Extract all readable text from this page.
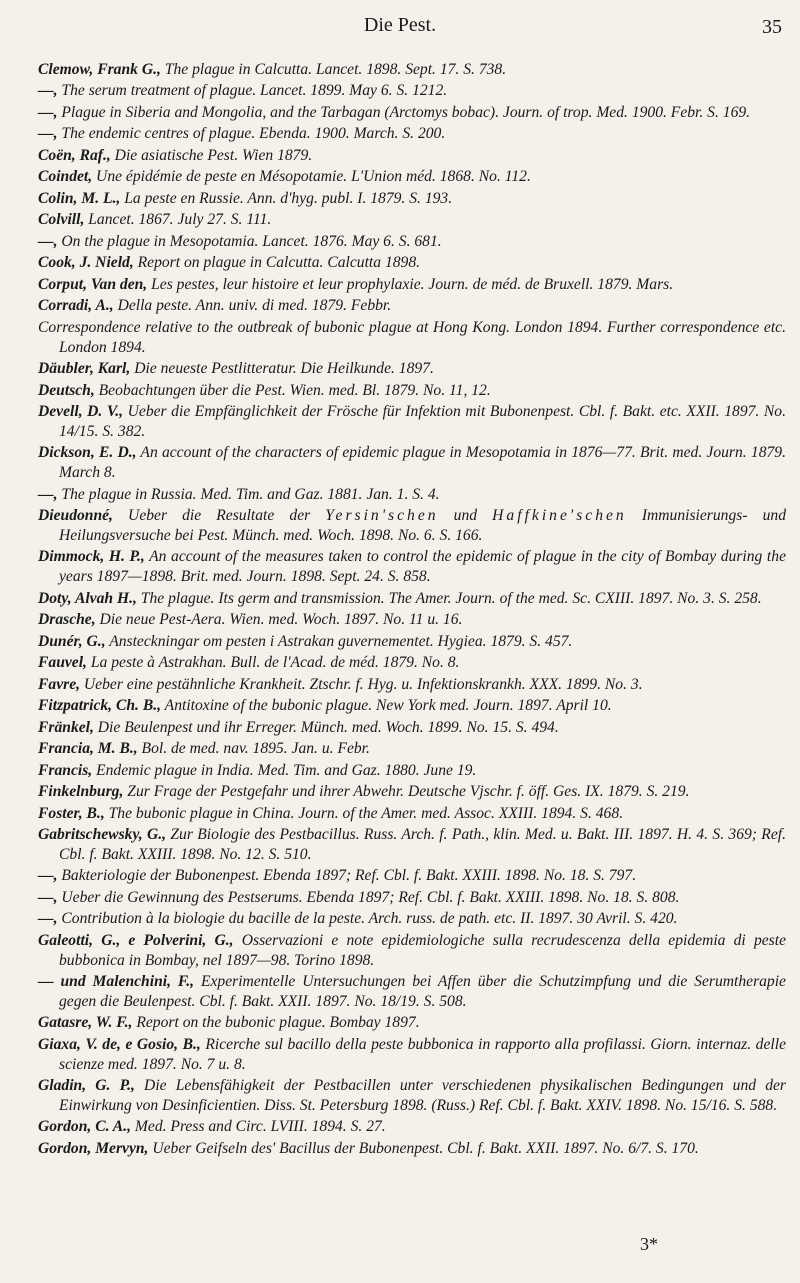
Die Pest.	35

Clemow, Frank G., The plague in Calcutta. Lancet. 1898. Sept. 17. S. 738.

—, The serum treatment of plague. Lancet. 1899. May 6. S. 1212.

—, Plague in Siberia and Mongolia, and the Tarbagan (Arctomys bobac). Journ. of trop. Med. 1900. Febr. S. 169.

—, The endemic centres of plague. Ebenda. 1900. March. S. 200.

Coën, Raf., Die asiatische Pest. Wien 1879.

Coindet, Une épidémie de peste en Mésopotamie. L'Union méd. 1868. No. 112.

Colin, M. L., La peste en Russie. Ann. d'hyg. publ. I. 1879. S. 193.

Colvill, Lancet. 1867. July 27. S. 111.

—, On the plague in Mesopotamia. Lancet. 1876. May 6. S. 681.

Cook, J. Nield, Report on plague in Calcutta. Calcutta 1898.

Corput, Van den, Les pestes, leur histoire et leur prophylaxie. Journ. de méd. de Bruxell. 1879. Mars.

Corradi, A., Della peste. Ann. univ. di med. 1879. Febbr.

Correspondence relative to the outbreak of bubonic plague at Hong Kong. London 1894. Further correspondence etc. London 1894.

Däubler, Karl, Die neueste Pestlitteratur. Die Heilkunde. 1897.

Deutsch, Beobachtungen über die Pest. Wien. med. Bl. 1879. No. 11, 12.

Devell, D. V., Ueber die Empfänglichkeit der Frösche für Infektion mit Bubonenpest. Cbl. f. Bakt. etc. XXII. 1897. No. 14/15. S. 382.

Dickson, E. D., An account of the characters of epidemic plague in Mesopotamia in 1876—77. Brit. med. Journ. 1879. March 8.

—, The plague in Russia. Med. Tim. and Gaz. 1881. Jan. 1. S. 4.

Dieudonné, Ueber die Resultate der Yersin'schen und Haffkine'schen Immunisierungs- und Heilungsversuche bei Pest. Münch. med. Woch. 1898. No. 6. S. 166.

Dimmock, H. P., An account of the measures taken to control the epidemic of plague in the city of Bombay during the years 1897—1898. Brit. med. Journ. 1898. Sept. 24. S. 858.

Doty, Alvah H., The plague. Its germ and transmission. The Amer. Journ. of the med. Sc. CXIII. 1897. No. 3. S. 258.

Drasche, Die neue Pest-Aera. Wien. med. Woch. 1897. No. 11 u. 16.

Dunér, G., Ansteckningar om pesten i Astrakan guvernementet. Hygiea. 1879. S. 457.

Fauvel, La peste à Astrakhan. Bull. de l'Acad. de méd. 1879. No. 8.

Favre, Ueber eine pestähnliche Krankheit. Ztschr. f. Hyg. u. Infektionskrankh. XXX. 1899. No. 3.

Fitzpatrick, Ch. B., Antitoxine of the bubonic plague. New York med. Journ. 1897. April 10.

Fränkel, Die Beulenpest und ihr Erreger. Münch. med. Woch. 1899. No. 15. S. 494.

Francia, M. B., Bol. de med. nav. 1895. Jan. u. Febr.

Francis, Endemic plague in India. Med. Tim. and Gaz. 1880. June 19.

Finkelnburg, Zur Frage der Pestgefahr und ihrer Abwehr. Deutsche Vjschr. f. öff. Ges. IX. 1879. S. 219.

Foster, B., The bubonic plague in China. Journ. of the Amer. med. Assoc. XXIII. 1894. S. 468.

Gabritschewsky, G., Zur Biologie des Pestbacillus. Russ. Arch. f. Path., klin. Med. u. Bakt. III. 1897. H. 4. S. 369; Ref. Cbl. f. Bakt. XXIII. 1898. No. 12. S. 510.

—, Bakteriologie der Bubonenpest. Ebenda 1897; Ref. Cbl. f. Bakt. XXIII. 1898. No. 18. S. 797.

—, Ueber die Gewinnung des Pestserums. Ebenda 1897; Ref. Cbl. f. Bakt. XXIII. 1898. No. 18. S. 808.

—, Contribution à la biologie du bacille de la peste. Arch. russ. de path. etc. II. 1897. 30 Avril. S. 420.

Galeotti, G., e Polverini, G., Osservazioni e note epidemiologiche sulla recrudescenza della epidemia di peste bubbonica in Bombay, nel 1897—98. Torino 1898.

— und Malenchini, F., Experimentelle Untersuchungen bei Affen über die Schutzimpfung und die Serumtherapie gegen die Beulenpest. Cbl. f. Bakt. XXII. 1897. No. 18/19. S. 508.

Gatasre, W. F., Report on the bubonic plague. Bombay 1897.

Giaxa, V. de, e Gosio, B., Ricerche sul bacillo della peste bubbonica in rapporto alla profilassi. Giorn. internaz. delle scienze med. 1897. No. 7 u. 8.

Gladin, G. P., Die Lebensfähigkeit der Pestbacillen unter verschiedenen physikalischen Bedingungen und der Einwirkung von Desinficientien. Diss. St. Petersburg 1898. (Russ.) Ref. Cbl. f. Bakt. XXIV. 1898. No. 15/16. S. 588.

Gordon, C. A., Med. Press and Circ. LVIII. 1894. S. 27.

Gordon, Mervyn, Ueber Geifseln des' Bacillus der Bubonenpest. Cbl. f. Bakt. XXII. 1897. No. 6/7. S. 170.

3*
